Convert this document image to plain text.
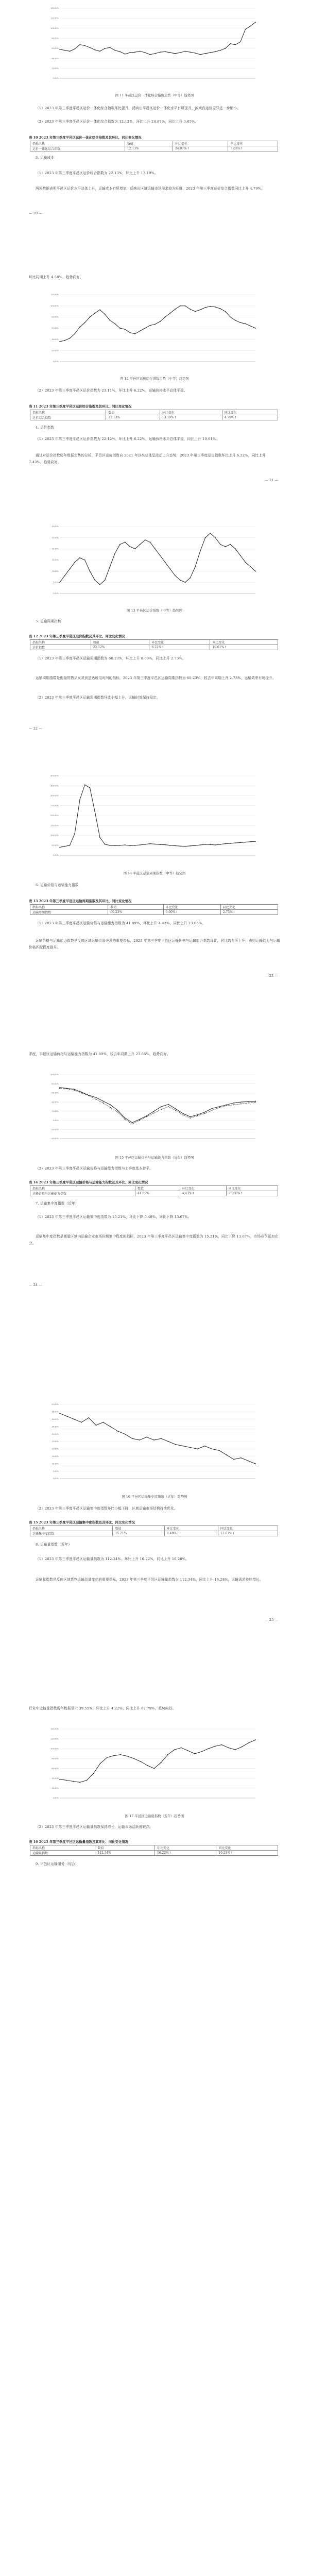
150.00%
120.00%
100.00%
80.00%
60.00%
40.00%
20.00%
0.00%
图 11 平邑区运价一体化综合指数走势（中等）趋势图
（1）2023 年第三季度平邑区运价一体化综合指数环比提升，反映出平邑区运价一体化水平有所提升，区域内运价差异进一步缩小。
（2）2023 年第三季度平邑区运价一体化综合指数为 12.13%，环比上升 24.87%，同比上升 3.65%。
表 10 2023 年第三季度平邑区运价一体化综合指数及其环比、同比变化情况
指标名称	数值	环比变化	同比变化
运价一体化综合指数	12.13%	24.87%↑	3.65%↑
3. 运输成本
（1）2023 年第三季度平邑区运价综合指数为 22.13%，环比上升 13.19%。
两项数据表明平邑区运价水平总体上升，运输成本有所增加，反映出区域运输市场需求较为旺盛，2023 年第三季度运价综合指数同比上升 4.79%。
— 20 —
环比同期上升 4.58%，趋势向好。
120.00%
100.00%
80.00%
60.00%
40.00%
20.00%
0.00%
图 12 平邑区运价综合指数走势（中等）趋势图
（2）2023 年第三季度平邑区运价指数为 23.11%，环比上升 6.22%，运输价格水平总体平稳。
表 11 2023 年第三季度平邑区运价综合指数及其环比、同比变化情况
指标名称	数值	环比变化	同比变化
运价综合指数	22.13%	13.19%↑	4.79%↑
4. 运价指数
（1）2023 年第三季度平邑区运价指数为 22.12%，环比上升 6.22%，运输价格水平总体平稳，同比上升 10.61%。
通过对运价指数历年数据走势的分析，平邑区运价指数自 2021 年以来总体呈波动上升态势，2023 年第三季度运价指数环比上升 6.22%，同比上升 7.43%，趋势向好。
— 21 —
30.00%
25.00%
20.00%
15.00%
10.00%
5.00%
0.00%
图 13 平邑区运价指数（中等）趋势图
5. 运输周期指数
表 12 2023 年第三季度平邑区运价指数及其环比、同比变化情况
指标名称	数值	环比变化	同比变化
运价指数	22.12%	6.22%↑	10.61%↑
（1）2023 年第三季度平邑区运输周期指数为 60.23%，环比上升 0.60%，同比上升 2.73%。
运输周期指数是衡量货物从发货到送达所用时间的指标，2023 年第三季度平邑区运输周期指数为 60.23%，较去年同期上升 2.73%，运输效率有所提升。
（2）2023 年第三季度平邑区运输周期指数环比小幅上升，运输时效保持稳定。
— 22 —
400.00%
350.00%
300.00%
250.00%
200.00%
150.00%
100.00%
50.00%
0.00%
图 14 平邑区运输周期指数（中等）趋势图
6. 运输价格与运输能力指数
表 13 2023 年第三季度平邑区运输周期指数及其环比、同比变化情况
指标名称	数值	环比变化	同比变化
运输周期指数	60.23%	0.60%↑	2.73%↑
（1）2023 年第三季度平邑区运输价格与运输能力指数为 41.89%，环比上升 4.43%，同比上升 23.66%。
运输价格与运输能力指数是反映区域运输供需关系的重要指标，2023 年第三季度平邑区运输价格与运输能力指数环比、同比均有所上升，表明运输能力与运输价格匹配程度提升。
— 23 —
季度，平邑区运输价格与运输能力指数为 41.89%，较去年同期上升 23.66%，趋势向好。
100.00%
80.00%
60.00%
40.00%
20.00%
0.00%
-20.00%
-40.00%
图 15 平邑区运输价格与运输能力指数（近年）趋势图
（2）2023 年第三季度平邑区运输价格与运输能力指数与上季度基本持平。
表 14 2023 年第三季度平邑区运输价格与运输能力指数及其环比、同比变化情况
指标名称	数值	环比变化	同比变化
运输价格与运输能力指数	41.89%	4.43%↑	23.66%↑
7. 运输集中度指数（近年）
（1）2023 年第三季度平邑区运输集中度指数为 15.21%，环比下降 0.48%，同比下降 13.67%。
运输集中度指数是衡量区域内运输企业市场份额集中程度的指标，2023 年第三季度平邑区运输集中度指数为 15.21%，同比下降 13.67%，市场竞争更加充分。
— 24 —
50.00%
45.00%
40.00%
35.00%
30.00%
25.00%
20.00%
15.00%
10.00%
5.00%
0.00%
图 16 平邑区运输集中度指数（近年）趋势图
（2）2023 年第三季度平邑区运输集中度指数环比小幅下降，区域运输市场结构持续优化。
表 15 2023 年第三季度平邑区运输集中度指数及其环比、同比变化情况
指标名称	数值	环比变化	同比变化
运输集中度指数	15.21%	0.48%↓	13.67%↓
8. 运输量指数（近年）
（1）2023 年第三季度平邑区运输量指数为 112.34%，环比上升 16.22%，同比上升 16.28%。
运输量指数是反映区域货物运输总量变化的重要指标，2023 年第三季度平邑区运输量指数为 112.34%，同比上升 16.28%，运输需求持续增长。
— 25 —
行业中运输量指数历年数据显示 39.55%，环比上升 4.22%，同比上升 67.79%，趋势向好。
140.00%
120.00%
100.00%
80.00%
60.00%
40.00%
20.00%
0.00%
图 17 平邑区运输量指数（近年）趋势图
（2）2023 年第三季度平邑区运输量指数保持增长，运输市场活跃度较高。
表 16 2023 年第三季度平邑区运输量指数及其环比、同比变化情况
指标名称	数值	环比变化	同比变化
运输量指数	112.34%	16.22%↑	16.28%↑
9. 平邑区运输服务（综合）
